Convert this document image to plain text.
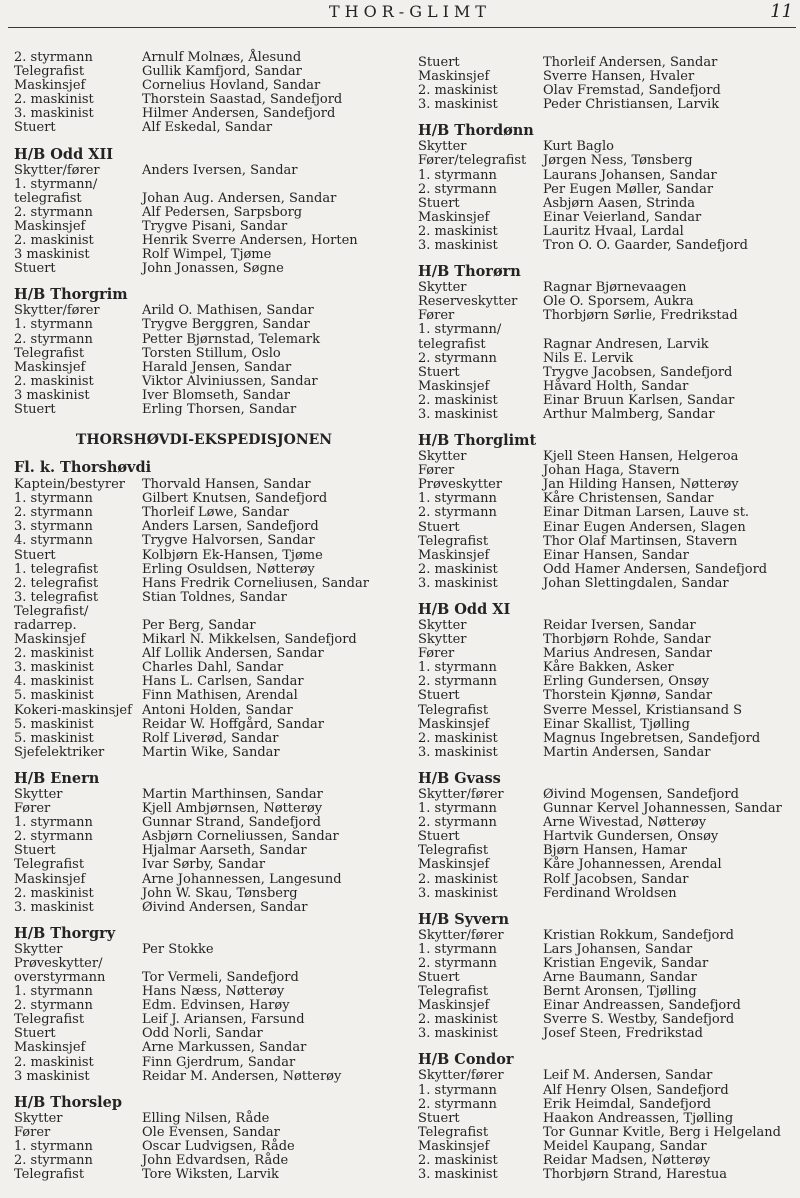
THOR-GLIMT	11
2. styrmann	Arnulf Molnæs, Ålesund
Telegrafist	Gullik Kamfjord, Sandar
Maskinsjef	Cornelius Hovland, Sandar
2. maskinist	Thorstein Saastad, Sandefjord
3. maskinist	Hilmer Andersen, Sandefjord
Stuert	Alf Eskedal, Sandar
H/B Odd XII
Skytter/fører	Anders Iversen, Sandar
1. styrmann/
telegrafist	Johan Aug. Andersen, Sandar
2. styrmann	Alf Pedersen, Sarpsborg
Maskinsjef	Trygve Pisani, Sandar
2. maskinist	Henrik Sverre Andersen, Horten
3 maskinist	Rolf Wimpel, Tjøme
Stuert	John Jonassen, Søgne
H/B Thorgrim
Skytter/fører	Arild O. Mathisen, Sandar
1. styrmann	Trygve Berggren, Sandar
2. styrmann	Petter Bjørnstad, Telemark
Telegrafist	Torsten Stillum, Oslo
Maskinsjef	Harald Jensen, Sandar
2. maskinist	Viktor Alviniussen, Sandar
3 maskinist	Iver Blomseth, Sandar
Stuert	Erling Thorsen, Sandar
THORSHØVDI-EKSPEDISJONEN
Fl. k. Thorshøvdi
Kaptein/bestyrer	Thorvald Hansen, Sandar
1. styrmann	Gilbert Knutsen, Sandefjord
2. styrmann	Thorleif Løwe, Sandar
3. styrmann	Anders Larsen, Sandefjord
4. styrmann	Trygve Halvorsen, Sandar
Stuert	Kolbjørn Ek-Hansen, Tjøme
1. telegrafist	Erling Osuldsen, Nøtterøy
2. telegrafist	Hans Fredrik Corneliusen, Sandar
3. telegrafist	Stian Toldnes, Sandar
Telegrafist/
radarrep.	Per Berg, Sandar
Maskinsjef	Mikarl N. Mikkelsen, Sandefjord
2. maskinist	Alf Lollik Andersen, Sandar
3. maskinist	Charles Dahl, Sandar
4. maskinist	Hans L. Carlsen, Sandar
5. maskinist	Finn Mathisen, Arendal
Kokeri-maskinsjef Antoni Holden, Sandar
5. maskinist	Reidar W. Hoffgård, Sandar
5. maskinist	Rolf Liverød, Sandar
Sjefelektriker	Martin Wike, Sandar
H/B Enern
Skytter	Martin Marthinsen, Sandar
Fører	Kjell Ambjørnsen, Nøtterøy
1. styrmann	Gunnar Strand, Sandefjord
2. styrmann	Asbjørn Corneliussen, Sandar
Stuert	Hjalmar Aarseth, Sandar
Telegrafist	Ivar Sørby, Sandar
Maskinsjef	Arne Johannessen, Langesund
2. maskinist	John W. Skau, Tønsberg
3. maskinist	Øivind Andersen, Sandar
H/B Thorgry
Skytter	Per Stokke
Prøveskytter/
overstyrmann	Tor Vermeli, Sandefjord
1. styrmann	Hans Næss, Nøtterøy
2. styrmann	Edm. Edvinsen, Harøy
Telegrafist	Leif J. Ariansen, Farsund
Stuert	Odd Norli, Sandar
Maskinsjef	Arne Markussen, Sandar
2. maskinist	Finn Gjerdrum, Sandar
3 maskinist	Reidar M. Andersen, Nøtterøy
H/B Thorslep
Skytter	Elling Nilsen, Råde
Fører	Ole Evensen, Sandar
1. styrmann	Oscar Ludvigsen, Råde
2. styrmann	John Edvardsen, Råde
Telegrafist	Tore Wiksten, Larvik
Stuert	Thorleif Andersen, Sandar
Maskinsjef	Sverre Hansen, Hvaler
2. maskinist	Olav Fremstad, Sandefjord
3. maskinist	Peder Christiansen, Larvik
H/B Thordønn
Skytter	Kurt Baglo
Fører/telegrafist	Jørgen Ness, Tønsberg
1. styrmann	Laurans Johansen, Sandar
2. styrmann	Per Eugen Møller, Sandar
Stuert	Asbjørn Aasen, Strinda
Maskinsjef	Einar Veierland, Sandar
2. maskinist	Lauritz Hvaal, Lardal
3. maskinist	Tron O. O. Gaarder, Sandefjord
H/B Thorørn
Skytter	Ragnar Bjørnevaagen
Reserveskytter	Ole O. Sporsem, Aukra
Fører	Thorbjørn Sørlie, Fredrikstad
1. styrmann/
telegrafist	Ragnar Andresen, Larvik
2. styrmann	Nils E. Lervik
Stuert	Trygve Jacobsen, Sandefjord
Maskinsjef	Håvard Holth, Sandar
2. maskinist	Einar Bruun Karlsen, Sandar
3. maskinist	Arthur Malmberg, Sandar
H/B Thorglimt
Skytter	Kjell Steen Hansen, Helgeroa
Fører	Johan Haga, Stavern
Prøveskytter	Jan Hilding Hansen, Nøtterøy
1. styrmann	Kåre Christensen, Sandar
2. styrmann	Einar Ditman Larsen, Lauve st.
Stuert	Einar Eugen Andersen, Slagen
Telegrafist	Thor Olaf Martinsen, Stavern
Maskinsjef	Einar Hansen, Sandar
2. maskinist	Odd Hamer Andersen, Sandefjord
3. maskinist	Johan Slettingdalen, Sandar
H/B Odd XI
Skytter	Reidar Iversen, Sandar
Skytter	Thorbjørn Rohde, Sandar
Fører	Marius Andresen, Sandar
1. styrmann	Kåre Bakken, Asker
2. styrmann	Erling Gundersen, Onsøy
Stuert	Thorstein Kjønnø, Sandar
Telegrafist	Sverre Messel, Kristiansand S
Maskinsjef	Einar Skallist, Tjølling
2. maskinist	Magnus Ingebretsen, Sandefjord
3. maskinist	Martin Andersen, Sandar
H/B Gvass
Skytter/fører	Øivind Mogensen, Sandefjord
1. styrmann	Gunnar Kervel Johannessen, Sandar
2. styrmann	Arne Wivestad, Nøtterøy
Stuert	Hartvik Gundersen, Onsøy
Telegrafist	Bjørn Hansen, Hamar
Maskinsjef	Kåre Johannessen, Arendal
2. maskinist	Rolf Jacobsen, Sandar
3. maskinist	Ferdinand Wroldsen
H/B Syvern
Skytter/fører	Kristian Rokkum, Sandefjord
1. styrmann	Lars Johansen, Sandar
2. styrmann	Kristian Engevik, Sandar
Stuert	Arne Baumann, Sandar
Telegrafist	Bernt Aronsen, Tjølling
Maskinsjef	Einar Andreassen, Sandefjord
2. maskinist	Sverre S. Westby, Sandefjord
3. maskinist	Josef Steen, Fredrikstad
H/B Condor
Skytter/fører	Leif M. Andersen, Sandar
1. styrmann	Alf Henry Olsen, Sandefjord
2. styrmann	Erik Heimdal, Sandefjord
Stuert	Haakon Andreassen, Tjølling
Telegrafist	Tor Gunnar Kvitle, Berg i Helgeland
Maskinsjef	Meidel Kaupang, Sandar
2. maskinist	Reidar Madsen, Nøtterøy
3. maskinist	Thorbjørn Strand, Harestua
